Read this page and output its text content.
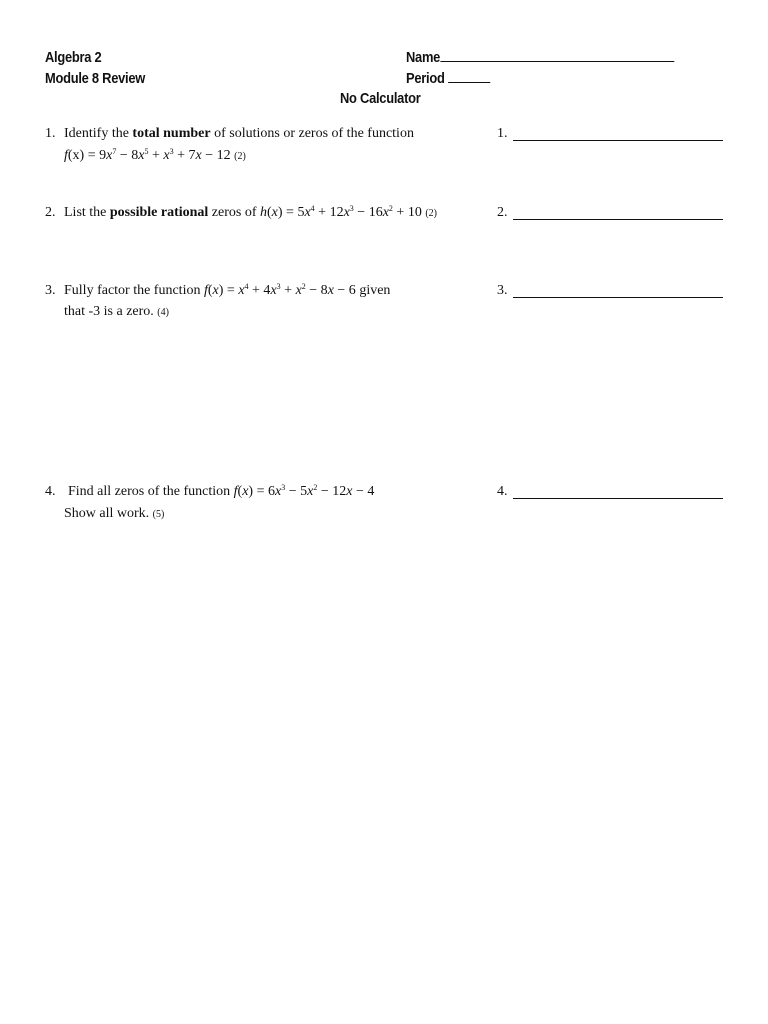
Algebra 2
Module 8 Review
Name
Period
No Calculator
1. Identify the total number of solutions or zeros of the function
$f(x) = 9x^7 - 8x^5 + x^3 + 7x - 12$ (2)
1.
2. List the possible rational zeros of $h(x) = 5x^4 + 12x^3 - 16x^2 + 10$ (2)	2.
3. Fully factor the function $f(x) = x^4 + 4x^3 + x^2 - 8x - 6$ given
that -3 is a zero. (4)
3.
4. Find all zeros of the function $f(x) = 6x^3 - 5x^2 - 12x - 4$
Show all work. (5)
4.
